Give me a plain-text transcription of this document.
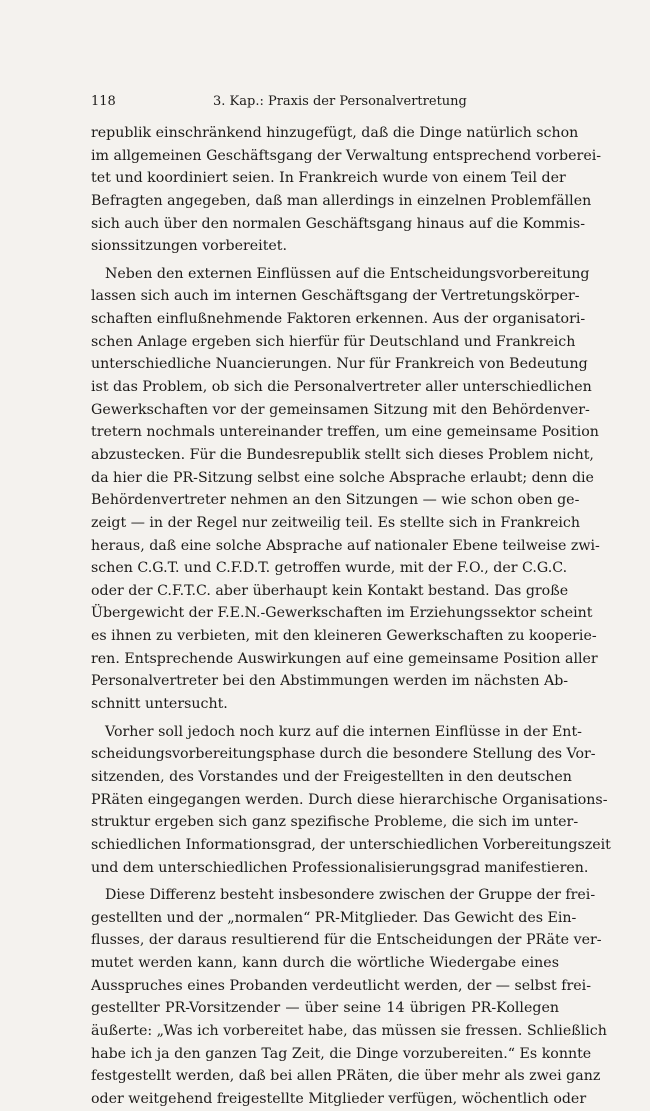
118	3. Kap.: Praxis der Personalvertretung
republik einschränkend hinzugefügt, daß die Dinge natürlich schon
im allgemeinen Geschäftsgang der Verwaltung entsprechend vorberei-
tet und koordiniert seien. In Frankreich wurde von einem Teil der
Befragten angegeben, daß man allerdings in einzelnen Problemfällen
sich auch über den normalen Geschäftsgang hinaus auf die Kommis-
sionssitzungen vorbereitet.
Neben den externen Einflüssen auf die Entscheidungsvorbereitung
lassen sich auch im internen Geschäftsgang der Vertretungskörper-
schaften einflußnehmende Faktoren erkennen. Aus der organisatori-
schen Anlage ergeben sich hierfür für Deutschland und Frankreich
unterschiedliche Nuancierungen. Nur für Frankreich von Bedeutung
ist das Problem, ob sich die Personalvertreter aller unterschiedlichen
Gewerkschaften vor der gemeinsamen Sitzung mit den Behördenver-
tretern nochmals untereinander treffen, um eine gemeinsame Position
abzustecken. Für die Bundesrepublik stellt sich dieses Problem nicht,
da hier die PR-Sitzung selbst eine solche Absprache erlaubt; denn die
Behördenvertreter nehmen an den Sitzungen — wie schon oben ge-
zeigt — in der Regel nur zeitweilig teil. Es stellte sich in Frankreich
heraus, daß eine solche Absprache auf nationaler Ebene teilweise zwi-
schen C.G.T. und C.F.D.T. getroffen wurde, mit der F.O., der C.G.C.
oder der C.F.T.C. aber überhaupt kein Kontakt bestand. Das große
Übergewicht der F.E.N.-Gewerkschaften im Erziehungssektor scheint
es ihnen zu verbieten, mit den kleineren Gewerkschaften zu kooperie-
ren. Entsprechende Auswirkungen auf eine gemeinsame Position aller
Personalvertreter bei den Abstimmungen werden im nächsten Ab-
schnitt untersucht.
Vorher soll jedoch noch kurz auf die internen Einflüsse in der Ent-
scheidungsvorbereitungsphase durch die besondere Stellung des Vor-
sitzenden, des Vorstandes und der Freigestellten in den deutschen
PRäten eingegangen werden. Durch diese hierarchische Organisations-
struktur ergeben sich ganz spezifische Probleme, die sich im unter-
schiedlichen Informationsgrad, der unterschiedlichen Vorbereitungszeit
und dem unterschiedlichen Professionalisierungsgrad manifestieren.
Diese Differenz besteht insbesondere zwischen der Gruppe der frei-
gestellten und der „normalen“ PR-Mitglieder. Das Gewicht des Ein-
flusses, der daraus resultierend für die Entscheidungen der PRäte ver-
mutet werden kann, kann durch die wörtliche Wiedergabe eines
Ausspruches eines Probanden verdeutlicht werden, der — selbst frei-
gestellter PR-Vorsitzender — über seine 14 übrigen PR-Kollegen
äußerte: „Was ich vorbereitet habe, das müssen sie fressen. Schließlich
habe ich ja den ganzen Tag Zeit, die Dinge vorzubereiten.“ Es konnte
festgestellt werden, daß bei allen PRäten, die über mehr als zwei ganz
oder weitgehend freigestellte Mitglieder verfügen, wöchentlich oder
